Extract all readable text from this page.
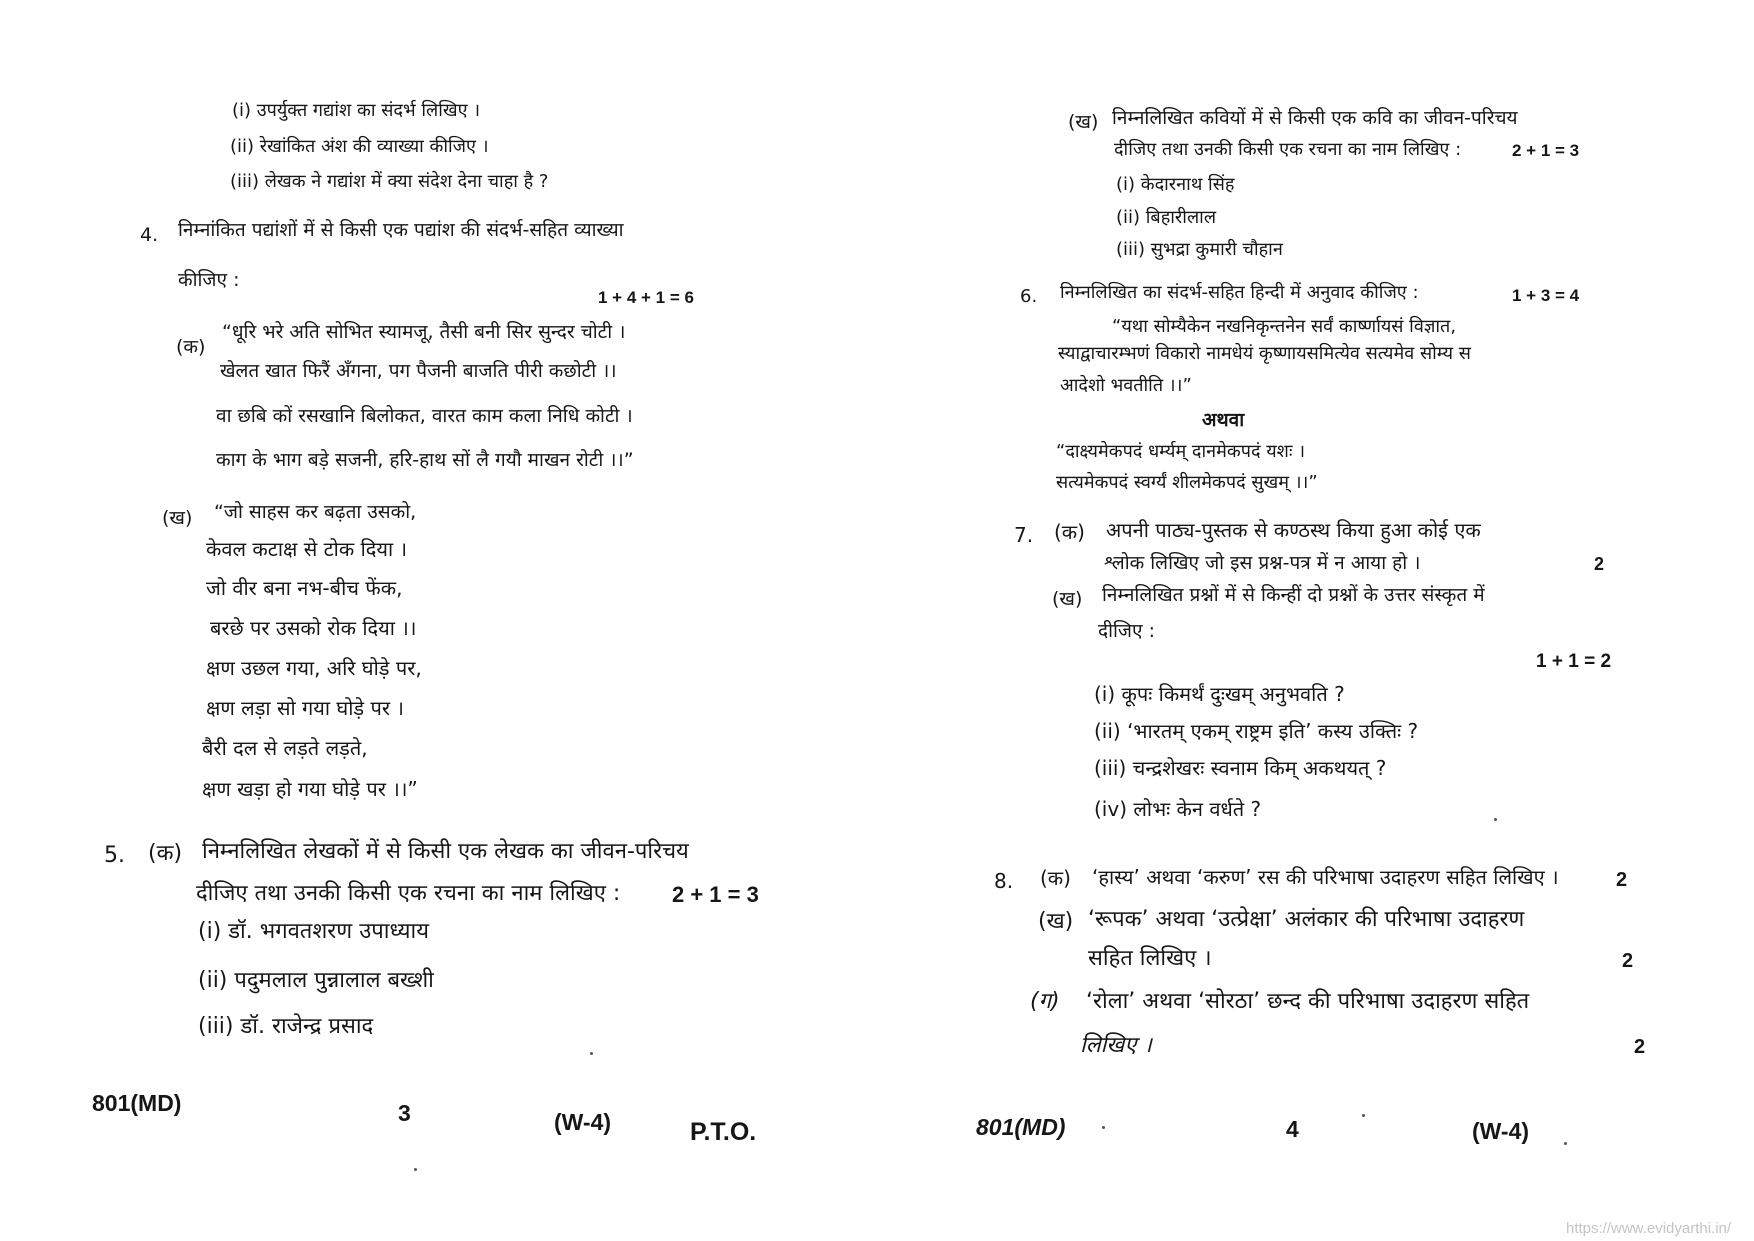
(i) उपर्युक्त गद्यांश का संदर्भ लिखिए ।
(ii) रेखांकित अंश की व्याख्या कीजिए ।
(iii) लेखक ने गद्यांश में क्या संदेश देना चाहा है ?
4. निम्नांकित पद्यांशों में से किसी एक पद्यांश की संदर्भ-सहित व्याख्या
कीजिए :
1 + 4 + 1 = 6
(क)
“धूरि भरे अति सोभित स्यामजू, तैसी बनी सिर सुन्दर चोटी ।
खेलत खात फिरैं अँगना, पग पैजनी बाजति पीरी कछोटी ।।
वा छबि कों रसखानि बिलोकत, वारत काम कला निधि कोटी ।
काग के भाग बड़े सजनी, हरि-हाथ सों लै गयौ माखन रोटी ।।”
(ख) “जो साहस कर बढ़ता उसको,
केवल कटाक्ष से टोक दिया ।
जो वीर बना नभ-बीच फेंक,
बरछे पर उसको रोक दिया ।।
क्षण उछल गया, अरि घोड़े पर,
क्षण लड़ा सो गया घोड़े पर ।
बैरी दल से लड़ते लड़ते,
क्षण खड़ा हो गया घोड़े पर ।।”
5. (क) निम्नलिखित लेखकों में से किसी एक लेखक का जीवन-परिचय
दीजिए तथा उनकी किसी एक रचना का नाम लिखिए : 2 + 1 = 3
(i) डॉ. भगवतशरण उपाध्याय
(ii) पदुमलाल पुन्नालाल बख्शी
(iii) डॉ. राजेन्द्र प्रसाद
801(MD)	3	(W-4)	P.T.O.
(ख) निम्नलिखित कवियों में से किसी एक कवि का जीवन-परिचय
दीजिए तथा उनकी किसी एक रचना का नाम लिखिए :	2 + 1 = 3
(i) केदारनाथ सिंह
(ii) बिहारीलाल
(iii) सुभद्रा कुमारी चौहान
6. निम्नलिखित का संदर्भ-सहित हिन्दी में अनुवाद कीजिए :	1 + 3 = 4
“यथा सोम्यैकेन नखनिकृन्तनेन सर्वं कार्ष्णायसं विज्ञात,
स्याद्वाचारम्भणं विकारो नामधेयं कृष्णायसमित्येव सत्यमेव सोम्य स
आदेशो भवतीति ।।”
अथवा
“दाक्ष्यमेकपदं धर्म्यम् दानमेकपदं यशः ।
सत्यमेकपदं स्वर्ग्यं शीलमेकपदं सुखम् ।।”
7. (क) अपनी पाठ्य-पुस्तक से कण्ठस्थ किया हुआ कोई एक
श्लोक लिखिए जो इस प्रश्न-पत्र में न आया हो ।	2
(ख) निम्नलिखित प्रश्नों में से किन्हीं दो प्रश्नों के उत्तर संस्कृत में
दीजिए :
1 + 1 = 2
(i) कूपः किमर्थं दुःखम् अनुभवति ?
(ii) ‘भारतम् एकम् राष्ट्रम इति’ कस्य उक्तिः ?
(iii) चन्द्रशेखरः स्वनाम किम् अकथयत् ?
(iv) लोभः केन वर्धते ?
8. (क) ‘हास्य’ अथवा ‘करुण’ रस की परिभाषा उदाहरण सहित लिखिए ।	2
(ख) ‘रूपक’ अथवा ‘उत्प्रेक्षा’ अलंकार की परिभाषा उदाहरण
सहित लिखिए ।	2
(ग) ‘रोला’ अथवा ‘सोरठा’ छन्द की परिभाषा उदाहरण सहित
लिखिए ।	2
801(MD)	4	(W-4)
https://www.evidyarthi.in/
